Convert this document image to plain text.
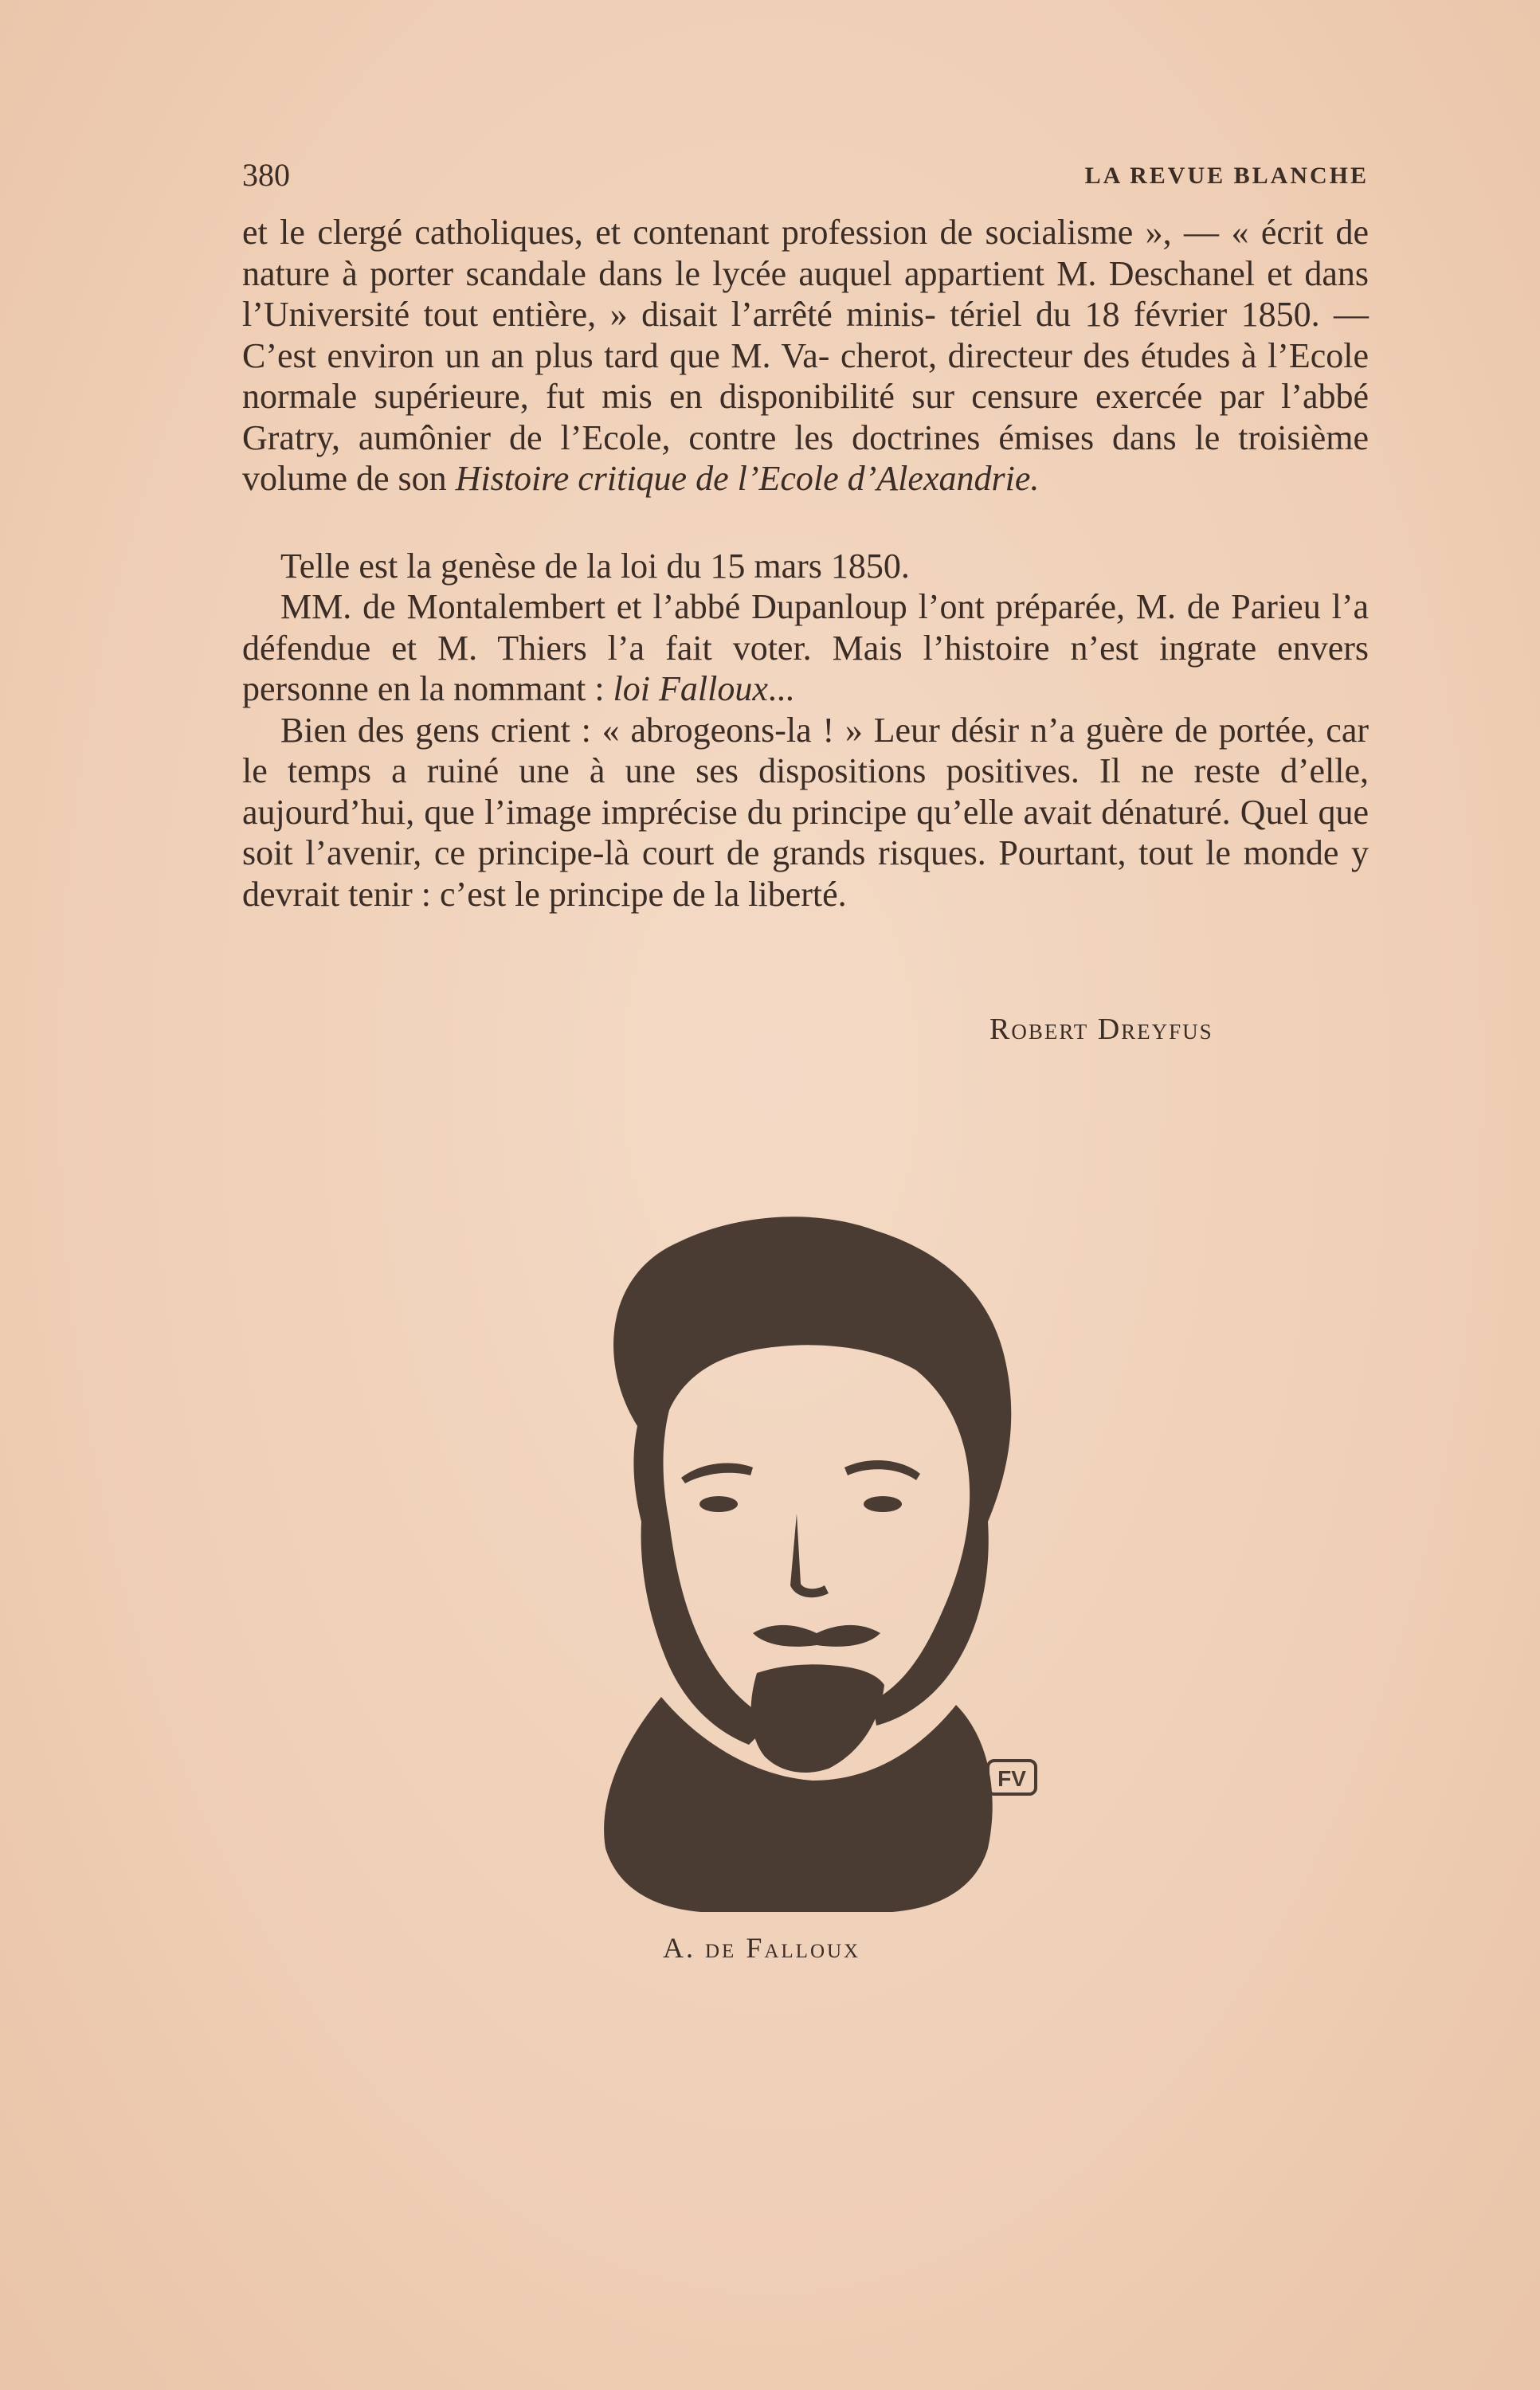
380	LA REVUE BLANCHE

et le clergé catholiques, et contenant profession de socialisme », — « écrit de nature à porter scandale dans le lycée auquel appartient M. Deschanel et dans l’Université tout entière, » disait l’arrêté minis- tériel du 18 février 1850. — C’est environ un an plus tard que M. Va- cherot, directeur des études à l’Ecole normale supérieure, fut mis en disponibilité sur censure exercée par l’abbé Gratry, aumônier de l’Ecole, contre les doctrines émises dans le troisième volume de son Histoire critique de l’Ecole d’Alexandrie.

Telle est la genèse de la loi du 15 mars 1850.

MM. de Montalembert et l’abbé Dupanloup l’ont préparée, M. de Parieu l’a défendue et M. Thiers l’a fait voter. Mais l’histoire n’est ingrate envers personne en la nommant : loi Falloux...

Bien des gens crient : « abrogeons-la ! » Leur désir n’a guère de portée, car le temps a ruiné une à une ses dispositions positives. Il ne reste d’elle, aujourd’hui, que l’image imprécise du principe qu’elle avait dénaturé. Quel que soit l’avenir, ce principe-là court de grands risques. Pourtant, tout le monde y devrait tenir : c’est le principe de la liberté.

Robert Dreyfus
FV
A. de Falloux
